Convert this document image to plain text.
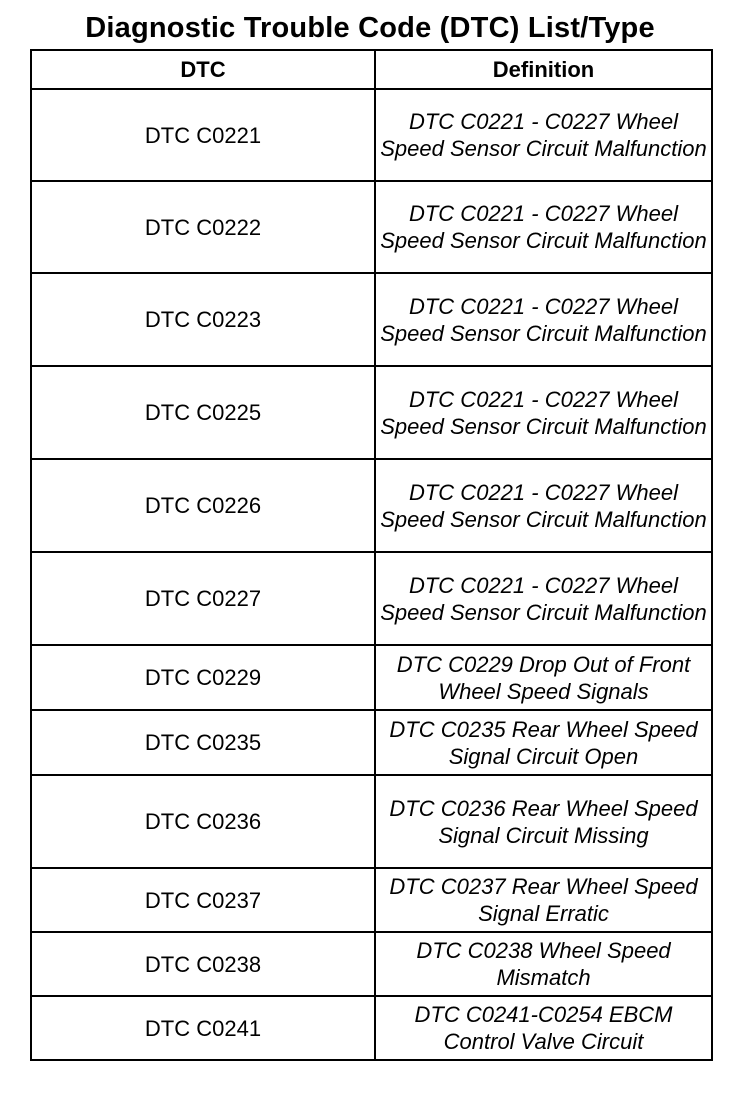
Diagnostic Trouble Code (DTC) List/Type
DTC	Definition
DTC C0221	DTC C0221 - C0227 Wheel Speed Sensor Circuit Malfunction
DTC C0222	DTC C0221 - C0227 Wheel Speed Sensor Circuit Malfunction
DTC C0223	DTC C0221 - C0227 Wheel Speed Sensor Circuit Malfunction
DTC C0225	DTC C0221 - C0227 Wheel Speed Sensor Circuit Malfunction
DTC C0226	DTC C0221 - C0227 Wheel Speed Sensor Circuit Malfunction
DTC C0227	DTC C0221 - C0227 Wheel Speed Sensor Circuit Malfunction
DTC C0229	DTC C0229 Drop Out of Front Wheel Speed Signals
DTC C0235	DTC C0235 Rear Wheel Speed Signal Circuit Open
DTC C0236	DTC C0236 Rear Wheel Speed Signal Circuit Missing
DTC C0237	DTC C0237 Rear Wheel Speed Signal Erratic
DTC C0238	DTC C0238 Wheel Speed Mismatch
DTC C0241	DTC C0241-C0254 EBCM Control Valve Circuit
